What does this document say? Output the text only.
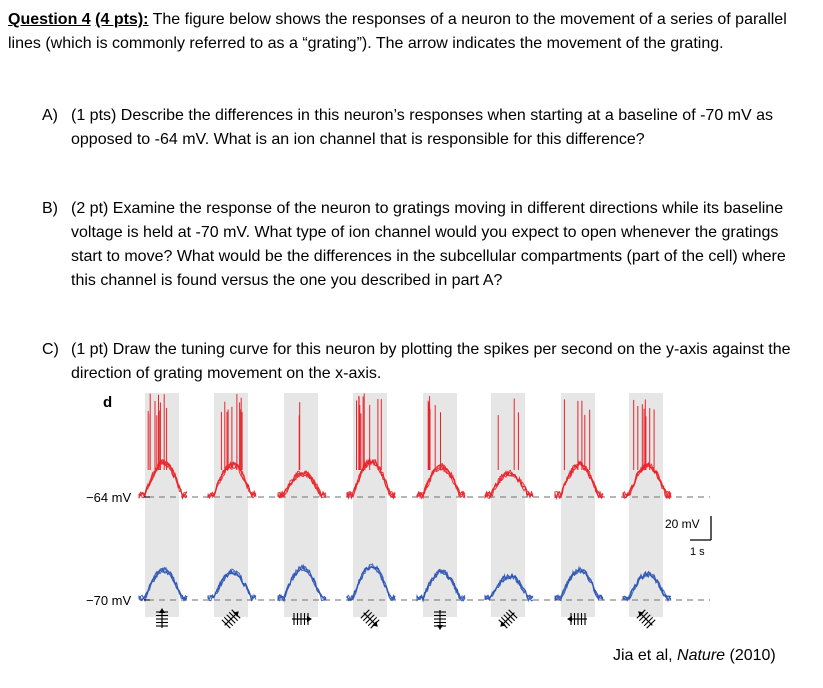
Question 4 (4 pts): The figure below shows the responses of a neuron to the movement of a series of parallel lines (which is commonly referred to as a “grating”). The arrow indicates the movement of the grating.
A) (1 pts) Describe the differences in this neuron’s responses when starting at a baseline of -70 mV as opposed to -64 mV. What is an ion channel that is responsible for this difference?
B) (2 pt) Examine the response of the neuron to gratings moving in different directions while its baseline voltage is held at -70 mV. What type of ion channel would you expect to open whenever the gratings start to move? What would be the differences in the subcellular compartments (part of the cell) where this channel is found versus the one you described in part A?
C) (1 pt) Draw the tuning curve for this neuron by plotting the spikes per second on the y-axis against the direction of grating movement on the x-axis.
d
−64 mV
−70 mV
20 mV
1 s
Jia et al, Nature (2010)
